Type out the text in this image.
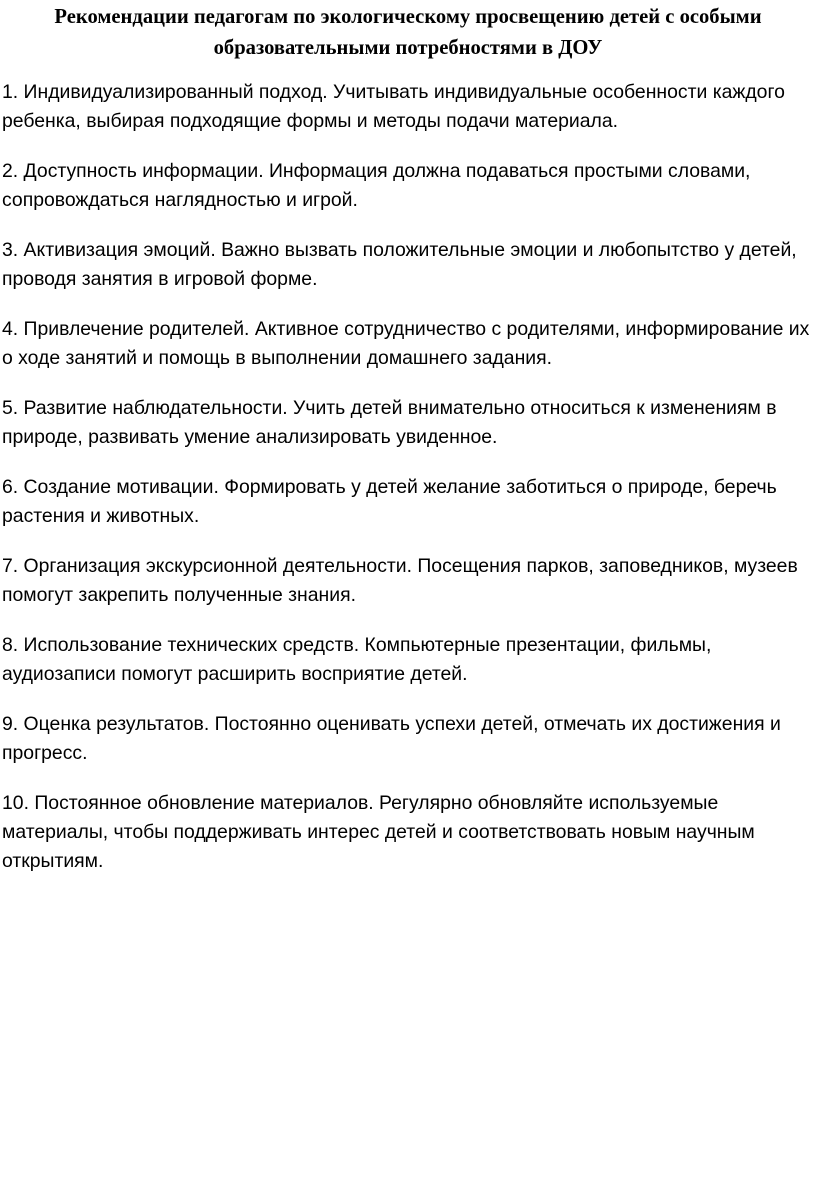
Рекомендации педагогам по экологическому просвещению детей с особыми образовательными потребностями в ДОУ
1. Индивидуализированный подход. Учитывать индивидуальные особенности каждого ребенка, выбирая подходящие формы и методы подачи материала.
2. Доступность информации. Информация должна подаваться простыми словами, сопровождаться наглядностью и игрой.
3. Активизация эмоций. Важно вызвать положительные эмоции и любопытство у детей, проводя занятия в игровой форме.
4. Привлечение родителей. Активное сотрудничество с родителями, информирование их о ходе занятий и помощь в выполнении домашнего задания.
5. Развитие наблюдательности. Учить детей внимательно относиться к изменениям в природе, развивать умение анализировать увиденное.
6. Создание мотивации. Формировать у детей желание заботиться о природе, беречь растения и животных.
7. Организация экскурсионной деятельности. Посещения парков, заповедников, музеев помогут закрепить полученные знания.
8. Использование технических средств. Компьютерные презентации, фильмы, аудиозаписи помогут расширить восприятие детей.
9. Оценка результатов. Постоянно оценивать успехи детей, отмечать их достижения и прогресс.
10. Постоянное обновление материалов. Регулярно обновляйте используемые материалы, чтобы поддерживать интерес детей и соответствовать новым научным открытиям.
